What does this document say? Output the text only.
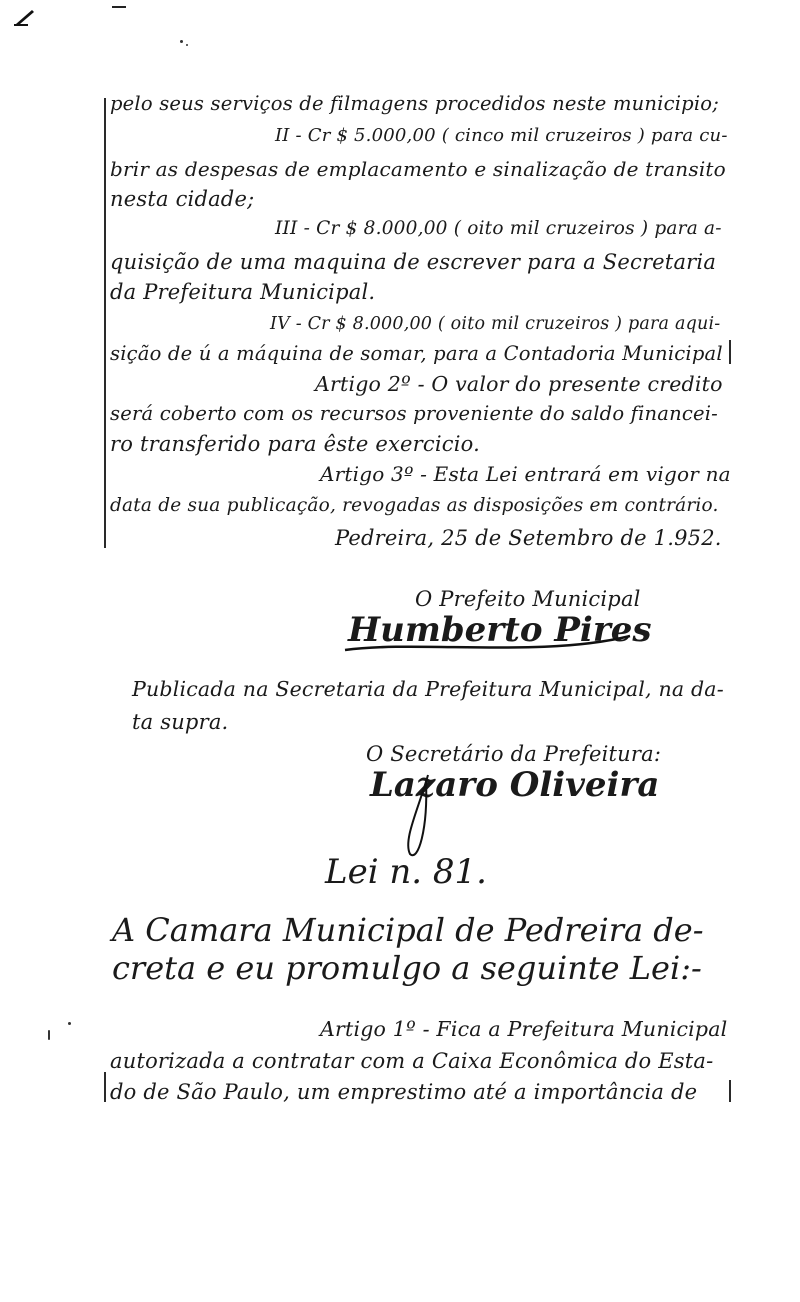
pelo seus serviços de filmagens procedidos neste municipio;
II - Cr $ 5.000,00 ( cinco mil cruzeiros ) para cu-
brir as despesas de emplacamento e sinalização de transito
nesta cidade;
III - Cr $ 8.000,00 ( oito mil cruzeiros ) para a-
quisição de uma maquina de escrever para a Secretaria
da Prefeitura Municipal.
IV - Cr $ 8.000,00 ( oito mil cruzeiros ) para aqui-
sição de ú a máquina de somar, para a Contadoria Municipal
Artigo 2º - O valor do presente credito
será coberto com os recursos proveniente do saldo financei-
ro transferido para êste exercicio.
Artigo 3º - Esta Lei entrará em vigor na
data de sua publicação, revogadas as disposições em contrário.
Pedreira, 25 de Setembro de 1.952.
O Prefeito Municipal
Humberto Pires
Publicada na Secretaria da Prefeitura Municipal, na da-
ta supra.
O Secretário da Prefeitura:
Lazaro Oliveira
Lei n. 81.
A Camara Municipal de Pedreira de-
creta e eu promulgo a seguinte Lei:-
Artigo 1º - Fica a Prefeitura Municipal
autorizada a contratar com a Caixa Econômica do Esta-
do de São Paulo, um emprestimo até a importância de
